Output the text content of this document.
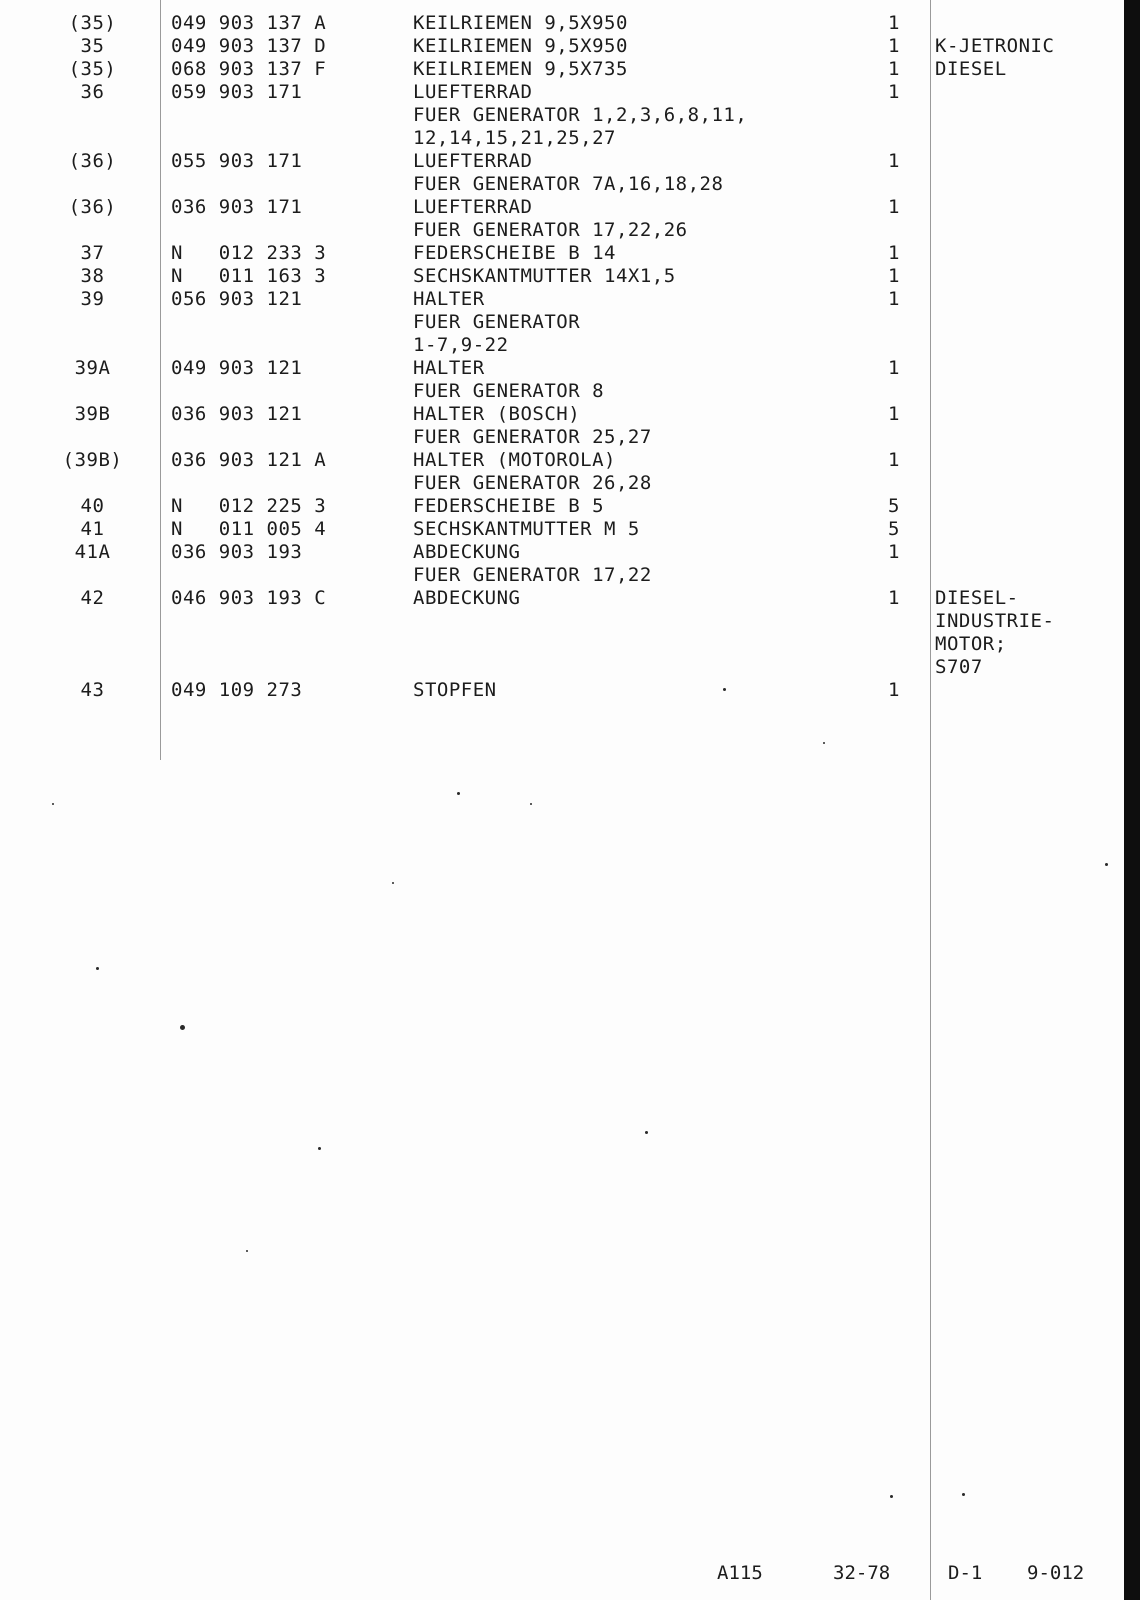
(35)	049 903 137 A	KEILRIEMEN 9,5X950	1
35	049 903 137 D	KEILRIEMEN 9,5X950	1 K-JETRONIC
(35)	068 903 137 F	KEILRIEMEN 9,5X735	1 DIESEL
36	059 903 171	LUEFTERRAD	1
FUER GENERATOR 1,2,3,6,8,11,
12,14,15,21,25,27
(36)	055 903 171	LUEFTERRAD	1
FUER GENERATOR 7A,16,18,28
(36)	036 903 171	LUEFTERRAD	1
FUER GENERATOR 17,22,26
37	N   012 233 3	FEDERSCHEIBE B 14	1
38	N   011 163 3	SECHSKANTMUTTER 14X1,5	1
39	056 903 121	HALTER	1
FUER GENERATOR
1-7,9-22
39A	049 903 121	HALTER	1
FUER GENERATOR 8
39B	036 903 121	HALTER (BOSCH)	1
FUER GENERATOR 25,27
(39B)	036 903 121 A	HALTER (MOTOROLA)	1
FUER GENERATOR 26,28
40	N   012 225 3	FEDERSCHEIBE B 5	5
41	N   011 005 4	SECHSKANTMUTTER M 5	5
41A	036 903 193	ABDECKUNG	1
FUER GENERATOR 17,22
42	046 903 193 C	ABDECKUNG	1 DIESEL-
INDUSTRIE-
MOTOR;
S707
43	049 109 273	STOPFEN	1
A115	32-78	D-1 9-012
